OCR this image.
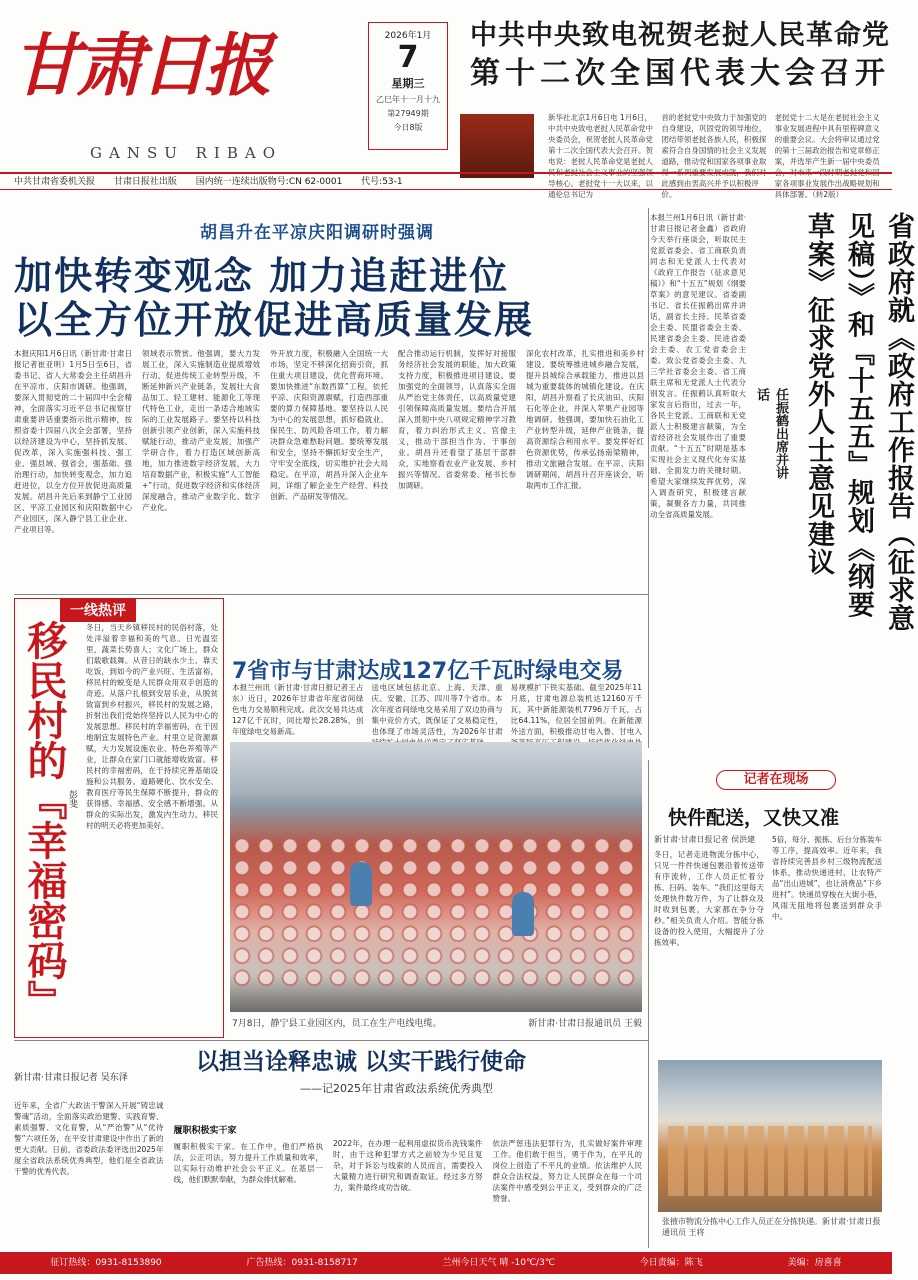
甘肃日报
GANSU RIBAO
2026年1月
7
星期三
乙巳年十一月十九
第27949期
今日8版
中共中央致电祝贺老挝人民革命党
第十二次全国代表大会召开
新华社北京1月6日电 1月6日，中共中央致电老挝人民革命党中央委员会，祝贺老挝人民革命党第十二次全国代表大会召开。贺电说：老挝人民革命党是老挝人民和老挝社会主义事业的坚强领导核心。老挝党十一大以来，以通伦总书记为
首的老挝党中央致力于加强党的自身建设，巩固党的领导地位，团结带领老挝各族人民，积极探索符合自身国情的社会主义发展道路，推动党和国家各项事业取得一系列重要发展成就，我们对此感到由衷高兴并予以积极评价。
老挝党十二大是在老挝社会主义事业发展进程中具有里程碑意义的重要会议。大会将审议通过党的第十三届政治报告和党章修正案，并选举产生新一届中央委员会，对未来一段时期老挝党和国家各项事业发展作出战略规划和具体部署。（转2版）
中共甘肃省委机关报 甘肃日报社出版 国内统一连续出版物号:CN 62-0001 代号:53-1
胡昌升在平凉庆阳调研时强调
加快转变观念 加力追赶进位
以全方位开放促进高质量发展
本报庆阳1月6日讯（新甘肃·甘肃日报记者崔亚明）1月5日至6日，省委书记、省人大常委会主任胡昌升在平凉市、庆阳市调研。他强调，要深入贯彻党的二十届四中全会精神，全面落实习近平总书记视察甘肃重要讲话重要指示批示精神，按照省委十四届八次全会部署，坚持以经济建设为中心，坚持抓发展、促改革，深入实施强科技、强工业、强县域、强省会，强基础、强治理行动，加快转变观念，加力追赶进位，以全方位开放促进高质量发展。胡昌升先后来到静宁工业园区、平凉工业园区和庆阳数据中心产业园区，深入静宁县工业企业、产业项目等。
领域表示赞赏。他强调，要大力发展工业，深入实施制造业提质增效行动，促进传统工业转型升级，不断延伸新兴产业链条，发展壮大食品加工、轻工建材、能源化工等现代特色工业，走出一条适合地域实际的工业发展路子。要坚持以科技创新引领产业创新，深入实施科技赋能行动，推动产业发展，加强产学研合作，着力打造区域创新高地，加力推进数字经济发展，大力培育数据产业，积极实施“人工智能+”行动，促进数字经济和实体经济深度融合，推动产业数字化、数字产业化。
外开放力度，积极融入全国统一大市场，坚定不移深化招商引资，抓住重大项目建设，优化营商环境。要加快推进“东数西算”工程，依托平凉、庆阳资源禀赋，打造西部重要的算力保障基地。要坚持以人民为中心的发展思想，抓好稳就业、保民生、防风险各项工作，着力解决群众急难愁盼问题。要统筹发展和安全，坚持不懈抓好安全生产，守牢安全底线，切实维护社会大局稳定。在平凉，胡昌升深入企业车间，详细了解企业生产经营、科技创新、产品研发等情况。
配合推动运行机制，发挥好对接服务经济社会发展的职能，加大政策支持力度，积极推进项目建设。要加强党的全面领导，认真落实全面从严治党主体责任，以高质量党建引领保障高质量发展。要结合开展深入贯彻中央八项规定精神学习教育，着力纠治形式主义、官僚主义，推动干部担当作为、干事创业。胡昌升还看望了基层干部群众，实地察看农业产业发展、乡村振兴等情况。省委常委、秘书长参加调研。
深化农村改革，扎实推进和美乡村建设。要统筹推进城乡融合发展，提升县城综合承载能力，推进以县城为重要载体的城镇化建设。在庆阳，胡昌升察看了长庆油田、庆阳石化等企业，并深入苹果产业园等地调研。他强调，要加快石油化工产业转型升级，延伸产业链条，提高资源综合利用水平。要发挥好红色资源优势，传承弘扬南梁精神，推动文旅融合发展。在平凉、庆阳调研期间，胡昌升召开座谈会，听取两市工作汇报。
本报兰州1月6日讯（新甘肃·甘肃日报记者金鑫）省政府今天举行座谈会，听取民主党派省委会、省工商联负责同志和无党派人士代表对《政府工作报告（征求意见稿）》和“十五五”规划《纲要草案》的意见建议。省委副书记、省长任振鹤出席并讲话，副省长主持。民革省委会主委、民盟省委会主委、民建省委会主委、民进省委会主委、农工党省委会主委、致公党省委会主委、九三学社省委会主委、省工商联主席和无党派人士代表分别发言。任振鹤认真听取大家发言后指出，过去一年，各民主党派、工商联和无党派人士积极建言献策，为全省经济社会发展作出了重要贡献。“十五五”时期是基本实现社会主义现代化夯实基础、全面发力的关键时期。希望大家继续发挥优势，深入调查研究，积极建言献策，凝聚各方力量，共同推动全省高质量发展。	省政府就《政府工作报告（征求意见稿）》和『十五五』规划《纲要草案》征求党外人士意见建议
任振鹤出席并讲话
一线热评
移民村的『幸福密码』 彭斐
冬日，当天乡镇移民村的民俗村落，处处洋溢着幸福和美的气息。日光温室里，蔬菜长势喜人；文化广场上，群众们载歌载舞。从昔日的缺水少土、靠天吃饭，到如今的产业兴旺、生活富裕，移民村的蜕变是人民群众用双手创造的奇迹。从落户扎根到安居乐业，从脱贫致富到乡村振兴，移民村的发展之路，折射出我们党始终坚持以人民为中心的发展思想。移民村的幸福密码，在于因地制宜发展特色产业。村里立足资源禀赋，大力发展设施农业、特色养殖等产业，让群众在家门口就能增收致富。移民村的幸福密码，在于持续完善基础设施和公共服务。道路硬化、饮水安全、教育医疗等民生保障不断提升，群众的获得感、幸福感、安全感不断增强。从群众的实际出发，激发内生动力，移民村的明天必将更加美好。
7省市与甘肃达成127亿千瓦时绿电交易
本报兰州讯（新甘肃·甘肃日报记者王占东）近日，2026年甘肃省年度省间绿色电力交易顺利完成。此次交易共达成127亿千瓦时，同比增长28.28%，创年度绿电交易新高。
送电区域包括北京、上海、天津、重庆、安徽、江苏、四川等7个省市。本次年度省间绿电交易采用了双边协商与集中竞价方式，既保证了交易稳定性，也体现了市场灵活性，为2026年甘肃
易规模扩下铁实基础。截至2025年11月底，甘肃电源总装机达12160万千瓦，其中新能源装机7796万千瓦，占比64.11%，位居全国前列。在新能源外送方面，积极推动甘电入鲁、甘电入
7月8日，静宁县工业园区内，员工在生产电线电缆。	新甘肃·甘肃日报通讯员 王毅
新甘肃·甘肃日报记者 吴东泽
以担当诠释忠诚 以实干践行使命
——记2025年甘肃省政法系统优秀典型
近年来，全省广大政法干警深入开展“铸忠诚警魂”活动，全面落实政治建警、实践育警、素质强警、文化育警，从“严治警”从“优待警”六项任务，在平安甘肃建设中作出了新的更大贡献。日前，省委政法委评选出2025年度全省政法系统优秀典型，他们是全省政法干警的优秀代表。
履职积极实干家
履职积极实干家。在工作中，他们严格执法，公正司法，努力提升工作质量和效率，以实际行动维护社会公平正义。在基层一线，他们默默奉献，为群众排忧解难。
2022年，在办理一起利用虚拟货币洗钱案件时，由于这种犯罪方式之前较为少见且复杂，对于诉讼与线索的人员而言，需要投入大量精力进行研究和调查取证。经过多方努力，案件最终成功告破。
依法严惩违法犯罪行为，扎实做好案件审理工作。他们敢于担当，勇于作为，在平凡的岗位上创造了不平凡的业绩。依法维护人民群众合法权益，努力让人民群众在每一个司法案件中感受到公平正义，受到群众的广泛赞誉。
记者在现场
快件配送，又快又准
新甘肃·甘肃日报记者 侯洪建
冬日，记者走进物流分拣中心，只见一件件快递包裹沿着传送带有序流转，工作人员正忙着分拣、扫码、装车。“我们这里每天处理快件数万件，为了让群众及时收到包裹，大家都在争分夺秒。”相关负责人介绍。智能分拣设备的投入使用，大幅提升了分拣效率。
5倍，每分、振拣、后台分拣装车等工序，提高效率。近年来，我省持续完善县乡村三级物流配送体系，推动快递进村，让农特产品“出山进城”，也让消费品“下乡进村”。快递员穿梭在大街小巷，风雨无阻地将包裹送到群众手中。
张掖市物流分拣中心工作人员正在分拣快递。新甘肃·甘肃日报通讯员 王将
征订热线：0931-8153890	广告热线：0931-8158717	兰州今日天气 晴 -10℃/3℃	今日责编：陈飞	美编：房喜喜
